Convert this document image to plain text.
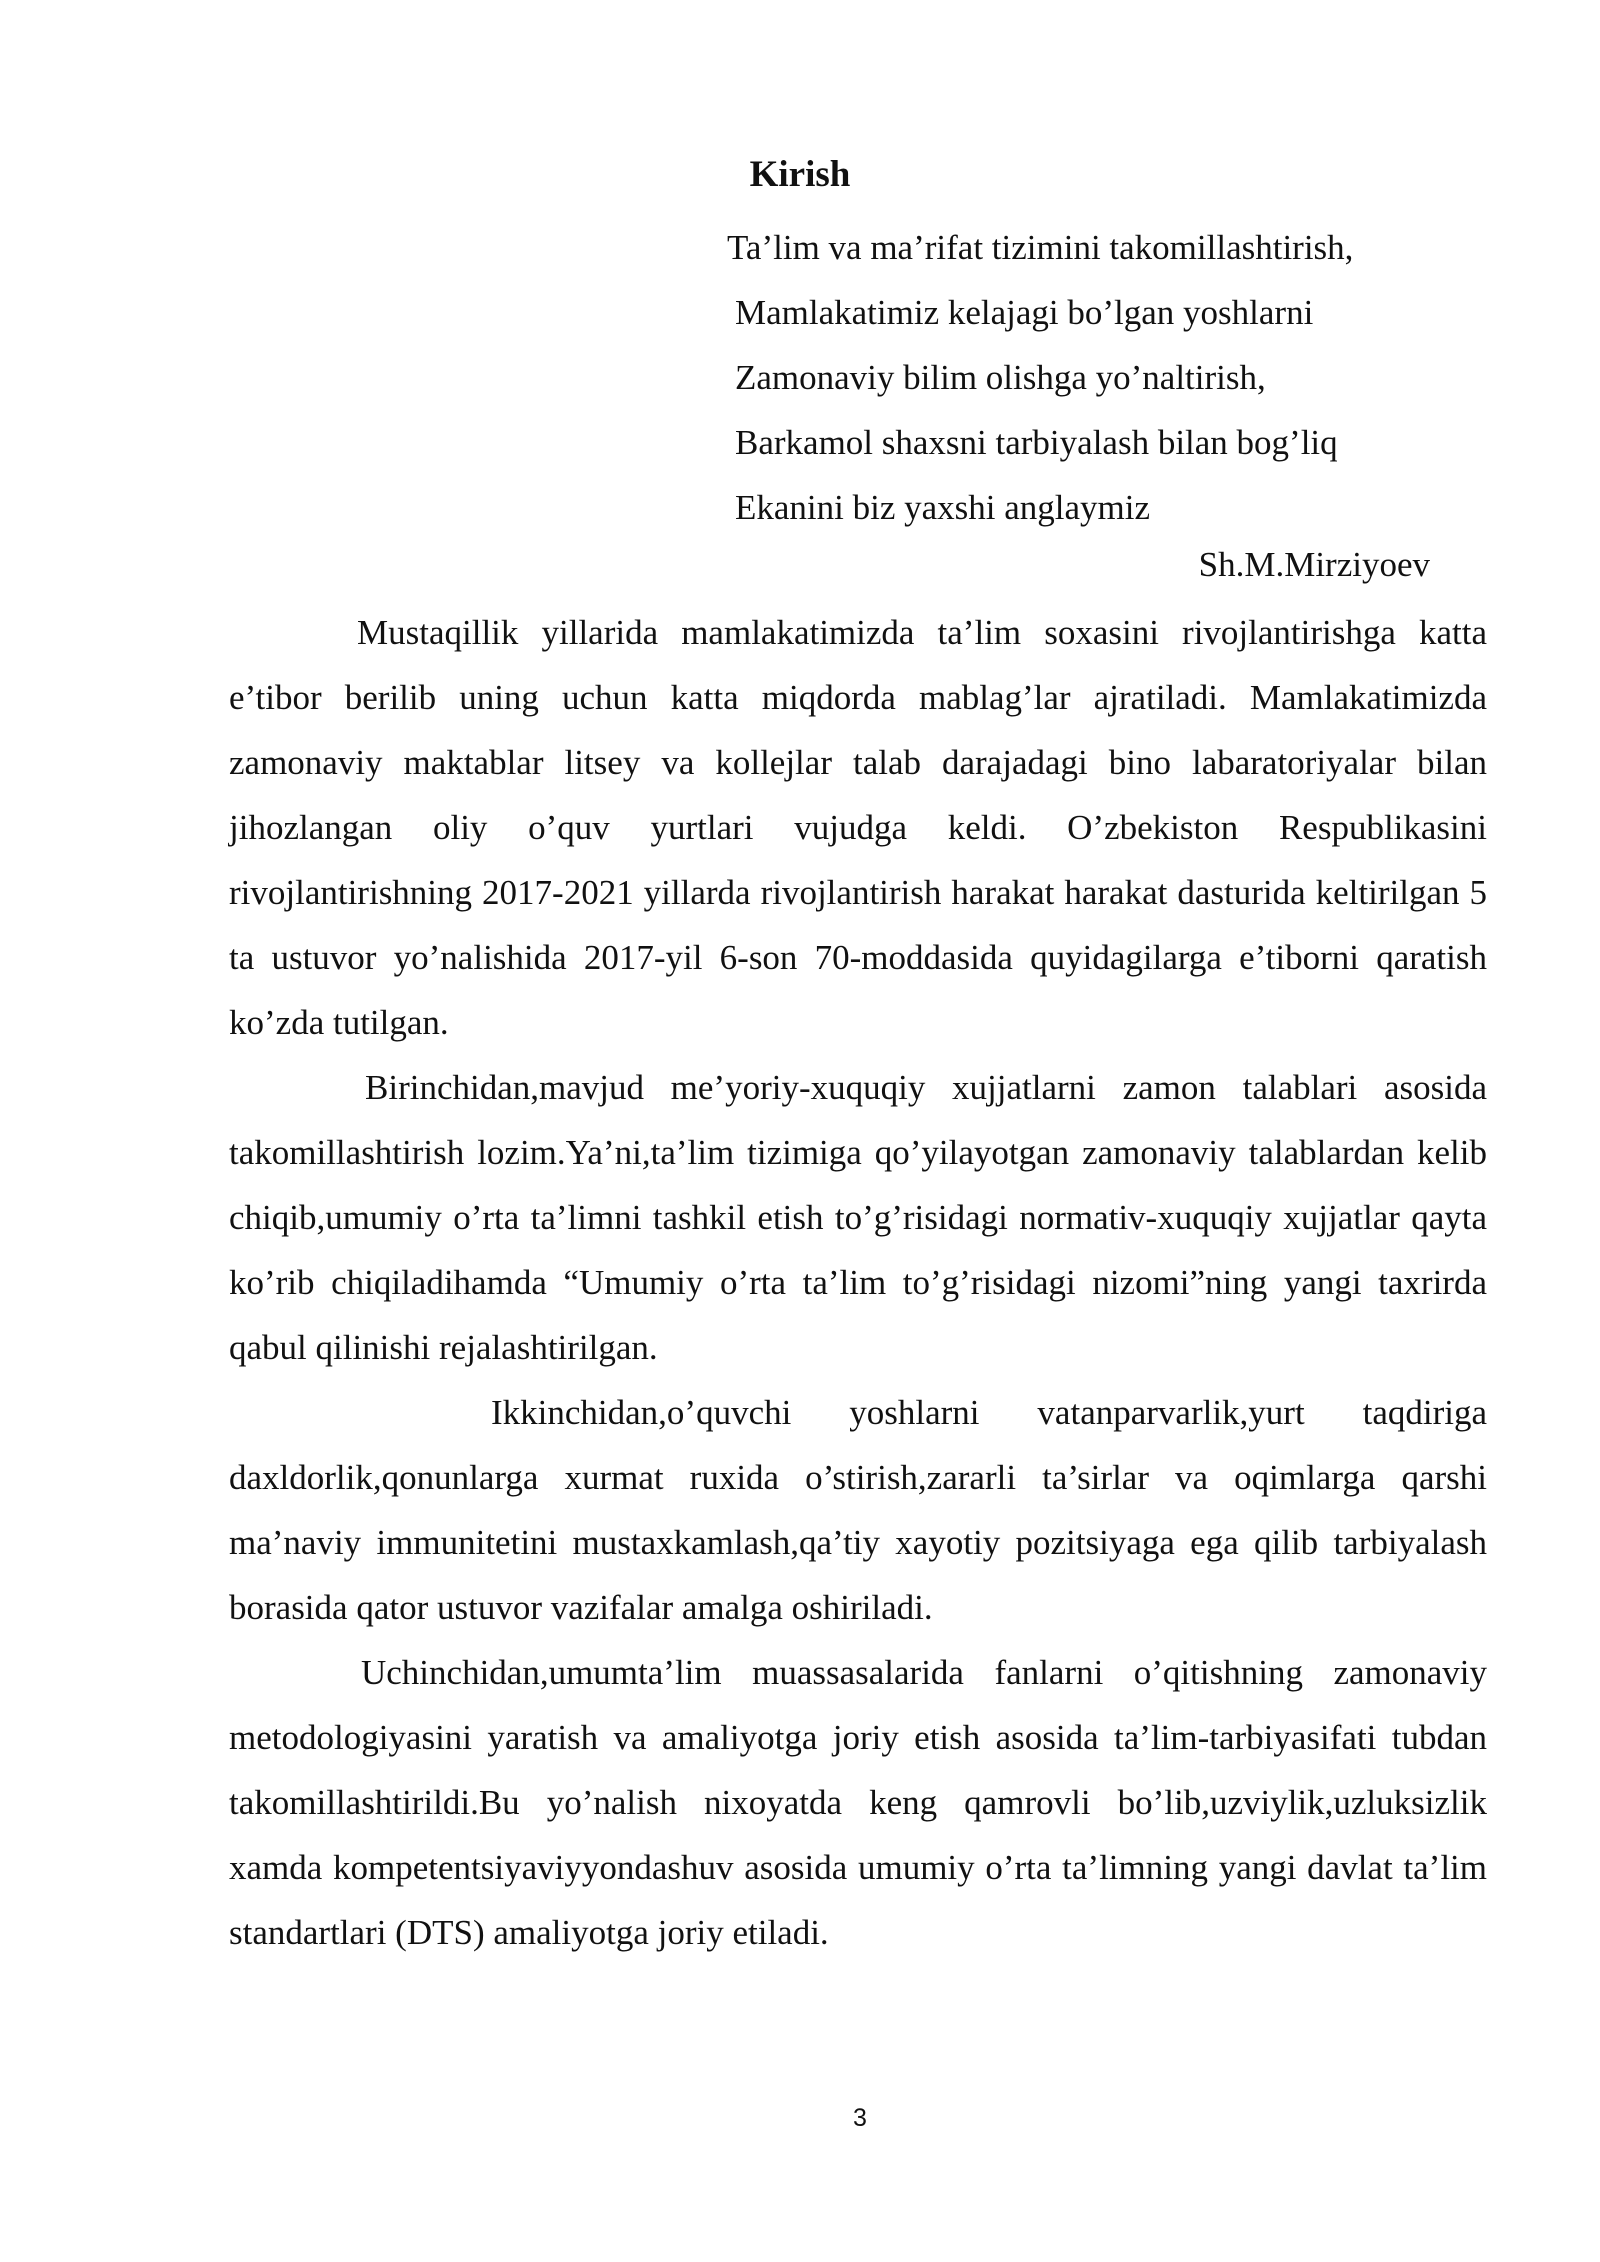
Kirish
Ta’lim va ma’rifat tizimini takomillashtirish,
Mamlakatimiz kelajagi bo’lgan yoshlarni
Zamonaviy bilim olishga yo’naltirish,
Barkamol shaxsni tarbiyalash bilan bog’liq
Ekanini biz yaxshi anglaymiz
Sh.M.Mirziyoev

Mustaqillik yillarida mamlakatimizda ta’lim soxasini rivojlantirishga katta e’tibor berilib uning uchun katta miqdorda mablag’lar ajratiladi. Mamlakatimizda zamonaviy maktablar litsey va kollejlar talab darajadagi bino labaratoriyalar bilan jihozlangan oliy o’quv yurtlari vujudga keldi. O’zbekiston Respublikasini rivojlantirishning 2017-2021 yillarda rivojlantirish harakat harakat dasturida keltirilgan 5 ta ustuvor yo’nalishida 2017-yil 6-son 70-moddasida quyidagilarga e’tiborni qaratish ko’zda tutilgan.

Birinchidan,mavjud me’yoriy-xuquqiy xujjatlarni zamon talablari asosida takomillashtirish lozim.Ya’ni,ta’lim tizimiga qo’yilayotgan zamonaviy talablardan kelib chiqib,umumiy o’rta ta’limni tashkil etish to’g’risidagi normativ-xuquqiy xujjatlar qayta ko’rib chiqiladihamda “Umumiy o’rta ta’lim to’g’risidagi nizomi”ning yangi taxrirda qabul qilinishi rejalashtirilgan.

Ikkinchidan,o’quvchi yoshlarni vatanparvarlik,yurt taqdiriga daxldorlik,qonunlarga xurmat ruxida o’stirish,zararli ta’sirlar va oqimlarga qarshi ma’naviy immunitetini mustaxkamlash,qa’tiy xayotiy pozitsiyaga ega qilib tarbiyalash borasida qator ustuvor vazifalar amalga oshiriladi.

Uchinchidan,umumta’lim muassasalarida fanlarni o’qitishning zamonaviy metodologiyasini yaratish va amaliyotga joriy etish asosida ta’lim-tarbiyasifati tubdan takomillashtirildi.Bu yo’nalish nixoyatda keng qamrovli bo’lib,uzviylik,uzluksizlik xamda kompetentsiyaviyyondashuv asosida umumiy o’rta ta’limning yangi davlat ta’lim standartlari (DTS) amaliyotga joriy etiladi.

3
